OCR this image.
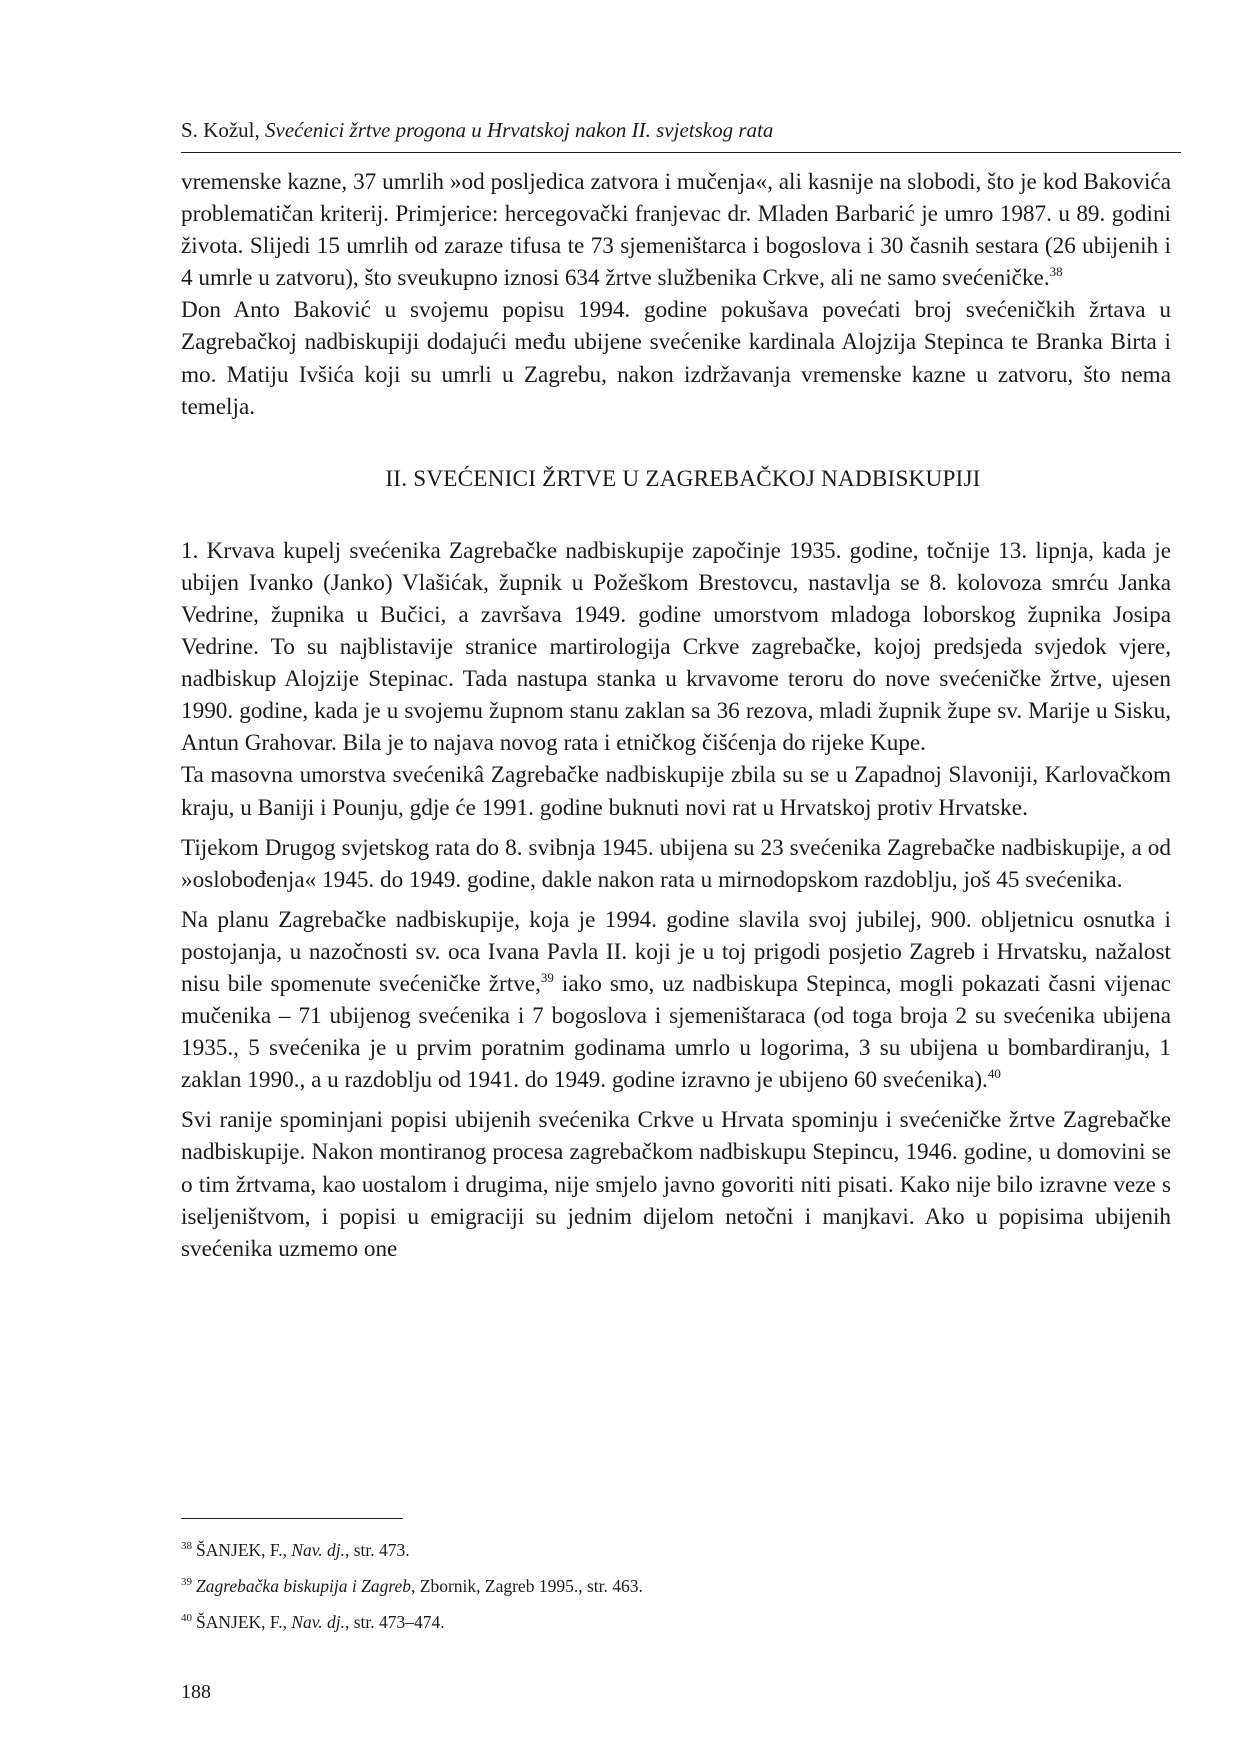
S. Kožul, Svećenici žrtve progona u Hrvatskoj nakon II. svjetskog rata

vremenske kazne, 37 umrlih »od posljedica zatvora i mučenja«, ali kasnije na slobodi, što je kod Bakovića problematičan kriterij. Primjerice: hercegovački franjevac dr. Mladen Barbarić je umro 1987. u 89. godini života. Slijedi 15 umrlih od zaraze tifusa te 73 sjemeništarca i bogoslova i 30 časnih sestara (26 ubijenih i 4 umrle u zatvoru), što sveukupno iznosi 634 žrtve službenika Crkve, ali ne samo svećeničke.$^{38}$

Don Anto Baković u svojemu popisu 1994. godine pokušava povećati broj svećeničkih žrtava u Zagrebačkoj nadbiskupiji dodajući među ubijene svećenike kardinala Alojzija Stepinca te Branka Birta i mo. Matiju Ivšića koji su umrli u Zagrebu, nakon izdržavanja vremenske kazne u zatvoru, što nema temelja.

II. SVEĆENICI ŽRTVE U ZAGREBAČKOJ NADBISKUPIJI

1. Krvava kupelj svećenika Zagrebačke nadbiskupije započinje 1935. godine, točnije 13. lipnja, kada je ubijen Ivanko (Janko) Vlašićak, župnik u Požeškom Brestovcu, nastavlja se 8. kolovoza smrću Janka Vedrine, župnika u Bučici, a završava 1949. godine umorstvom mladoga loborskog župnika Josipa Vedrine. To su najblistavije stranice martirologija Crkve zagrebačke, kojoj predsjeda svjedok vjere, nadbiskup Alojzije Stepinac. Tada nastupa stanka u krvavome teroru do nove svećeničke žrtve, ujesen 1990. godine, kada je u svojemu župnom stanu zaklan sa 36 rezova, mladi župnik župe sv. Marije u Sisku, Antun Grahovar. Bila je to najava novog rata i etničkog čišćenja do rijeke Kupe.

Ta masovna umorstva svećenikâ Zagrebačke nadbiskupije zbila su se u Zapadnoj Slavoniji, Karlovačkom kraju, u Baniji i Pounju, gdje će 1991. godine buknuti novi rat u Hrvatskoj protiv Hrvatske.

Tijekom Drugog svjetskog rata do 8. svibnja 1945. ubijena su 23 svećenika Zagrebačke nadbiskupije, a od »oslobođenja« 1945. do 1949. godine, dakle nakon rata u mirnodopskom razdoblju, još 45 svećenika.

Na planu Zagrebačke nadbiskupije, koja je 1994. godine slavila svoj jubilej, 900. obljetnicu osnutka i postojanja, u nazočnosti sv. oca Ivana Pavla II. koji je u toj prigodi posjetio Zagreb i Hrvatsku, nažalost nisu bile spomenute svećeničke žrtve,$^{39}$ iako smo, uz nadbiskupa Stepinca, mogli pokazati časni vijenac mučenika – 71 ubijenog svećenika i 7 bogoslova i sjemeništaraca (od toga broja 2 su svećenika ubijena 1935., 5 svećenika je u prvim poratnim godinama umrlo u logorima, 3 su ubijena u bombardiranju, 1 zaklan 1990., a u razdoblju od 1941. do 1949. godine izravno je ubijeno 60 svećenika).$^{40}$

Svi ranije spominjani popisi ubijenih svećenika Crkve u Hrvata spominju i svećeničke žrtve Zagrebačke nadbiskupije. Nakon montiranog procesa zagrebačkom nadbiskupu Stepincu, 1946. godine, u domovini se o tim žrtvama, kao uostalom i drugima, nije smjelo javno govoriti niti pisati. Kako nije bilo izravne veze s iseljeništvom, i popisi u emigraciji su jednim dijelom netočni i manjkavi. Ako u popisima ubijenih svećenika uzmemo one

$^{38}$ ŠANJEK, F., Nav. dj., str. 473.
$^{39}$ Zagrebačka biskupija i Zagreb, Zbornik, Zagreb 1995., str. 463.
$^{40}$ ŠANJEK, F., Nav. dj., str. 473–474.
188
